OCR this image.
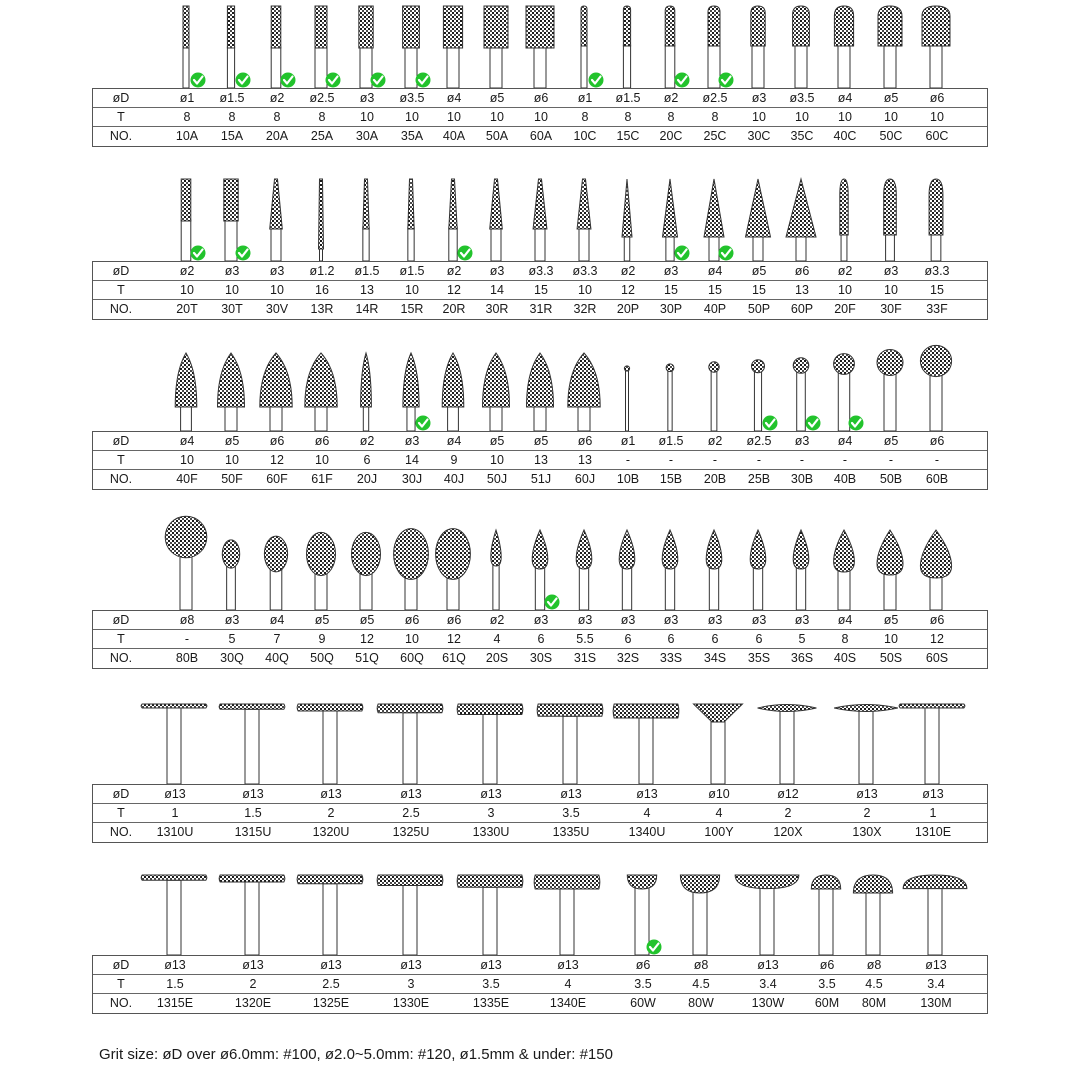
øD	ø1	ø1.5	ø2	ø2.5	ø3	ø3.5	ø4	ø5	ø6	ø1	ø1.5	ø2	ø2.5	ø3	ø3.5	ø4	ø5	ø6
T	8	8	8	8	10	10	10	10	10	8	8	8	8	10	10	10	10	10
NO.	10A	15A	20A	25A	30A	35A	40A	50A	60A	10C	15C	20C	25C	30C	35C	40C	50C	60C
øD	ø2	ø3	ø3	ø1.2	ø1.5	ø1.5	ø2	ø3	ø3.3	ø3.3	ø2	ø3	ø4	ø5	ø6	ø2	ø3	ø3.3
T	10	10	10	16	13	10	12	14	15	10	12	15	15	15	13	10	10	15
NO.	20T	30T	30V	13R	14R	15R	20R	30R	31R	32R	20P	30P	40P	50P	60P	20F	30F	33F
øD	ø4	ø5	ø6	ø6	ø2	ø3	ø4	ø5	ø5	ø6	ø1	ø1.5	ø2	ø2.5	ø3	ø4	ø5	ø6
T	10	10	12	10	6	14	9	10	13	13	-	-	-	-	-	-	-	-
NO.	40F	50F	60F	61F	20J	30J	40J	50J	51J	60J	10B	15B	20B	25B	30B	40B	50B	60B
øD	ø8	ø3	ø4	ø5	ø5	ø6	ø6	ø2	ø3	ø3	ø3	ø3	ø3	ø3	ø3	ø4	ø5	ø6
T	-	5	7	9	12	10	12	4	6	5.5	6	6	6	6	5	8	10	12
NO.	80B	30Q	40Q	50Q	51Q	60Q	61Q	20S	30S	31S	32S	33S	34S	35S	36S	40S	50S	60S
øD	ø13	ø13	ø13	ø13	ø13	ø13	ø13	ø10	ø12	ø13	ø13
T	1	1.5	2	2.5	3	3.5	4	4	2	2	1
NO.	1310U	1315U	1320U	1325U	1330U	1335U	1340U	100Y	120X	130X	1310E
øD	ø13	ø13	ø13	ø13	ø13	ø13	ø6	ø8	ø13	ø6	ø8	ø13
T	1.5	2	2.5	3	3.5	4	3.5	4.5	3.4	3.5	4.5	3.4
NO.	1315E	1320E	1325E	1330E	1335E	1340E	60W	80W	130W	60M	80M	130M
Grit size: øD over ø6.0mm: #100, ø2.0~5.0mm: #120, ø1.5mm & under: #150
